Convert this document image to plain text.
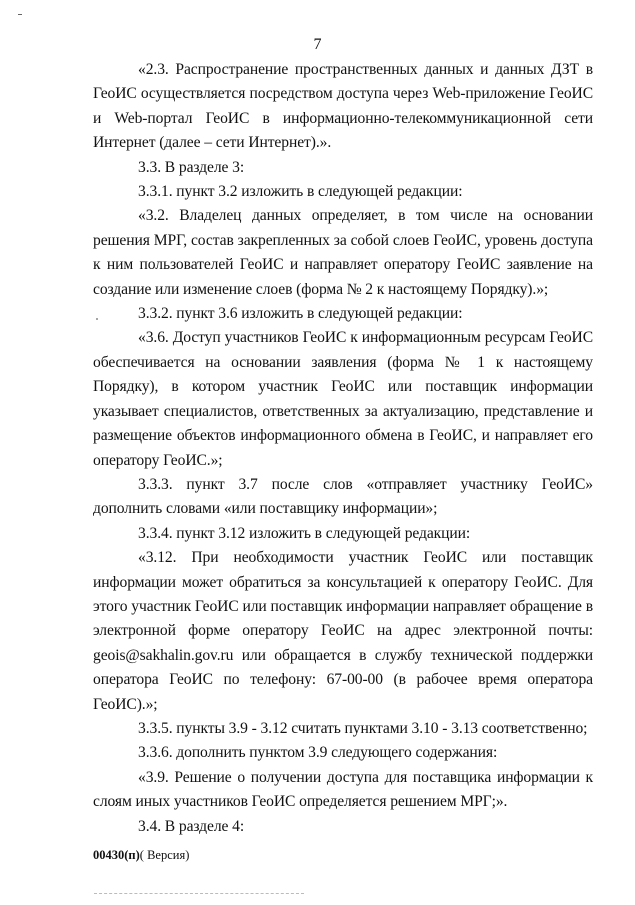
7

«2.3. Распространение пространственных данных и данных ДЗТ в ГеоИС осуществляется посредством доступа через Web-приложение ГеоИС и Web-портал ГеоИС в информационно-телекоммуникационной сети Интернет (далее – сети Интернет).».

3.3. В разделе 3:

3.3.1. пункт 3.2 изложить в следующей редакции:

«3.2. Владелец данных определяет, в том числе на основании решения МРГ, состав закрепленных за собой слоев ГеоИС, уровень доступа к ним пользователей ГеоИС и направляет оператору ГеоИС заявление на создание или изменение слоев (форма № 2 к настоящему Порядку).»;

3.3.2. пункт 3.6 изложить в следующей редакции:

«3.6. Доступ участников ГеоИС к информационным ресурсам ГеоИС обеспечивается на основании заявления (форма № 1 к настоящему Порядку), в котором участник ГеоИС или поставщик информации указывает специалистов, ответственных за актуализацию, представление и размещение объектов информационного обмена в ГеоИС, и направляет его оператору ГеоИС.»;

3.3.3. пункт 3.7 после слов «отправляет участнику ГеоИС» дополнить словами «или поставщику информации»;

3.3.4. пункт 3.12 изложить в следующей редакции:

«3.12. При необходимости участник ГеоИС или поставщик информации может обратиться за консультацией к оператору ГеоИС. Для этого участник ГеоИС или поставщик информации направляет обращение в электронной форме оператору ГеоИС на адрес электронной почты: geois@sakhalin.gov.ru или обращается в службу технической поддержки оператора ГеоИС по телефону: 67-00-00 (в рабочее время оператора ГеоИС).»;

3.3.5. пункты 3.9 - 3.12 считать пунктами 3.10 - 3.13 соответственно;

3.3.6. дополнить пунктом 3.9 следующего содержания:

«3.9. Решение о получении доступа для поставщика информации к слоям иных участников ГеоИС определяется решением МРГ;».

3.4. В разделе 4:

00430(п)( Версия)
